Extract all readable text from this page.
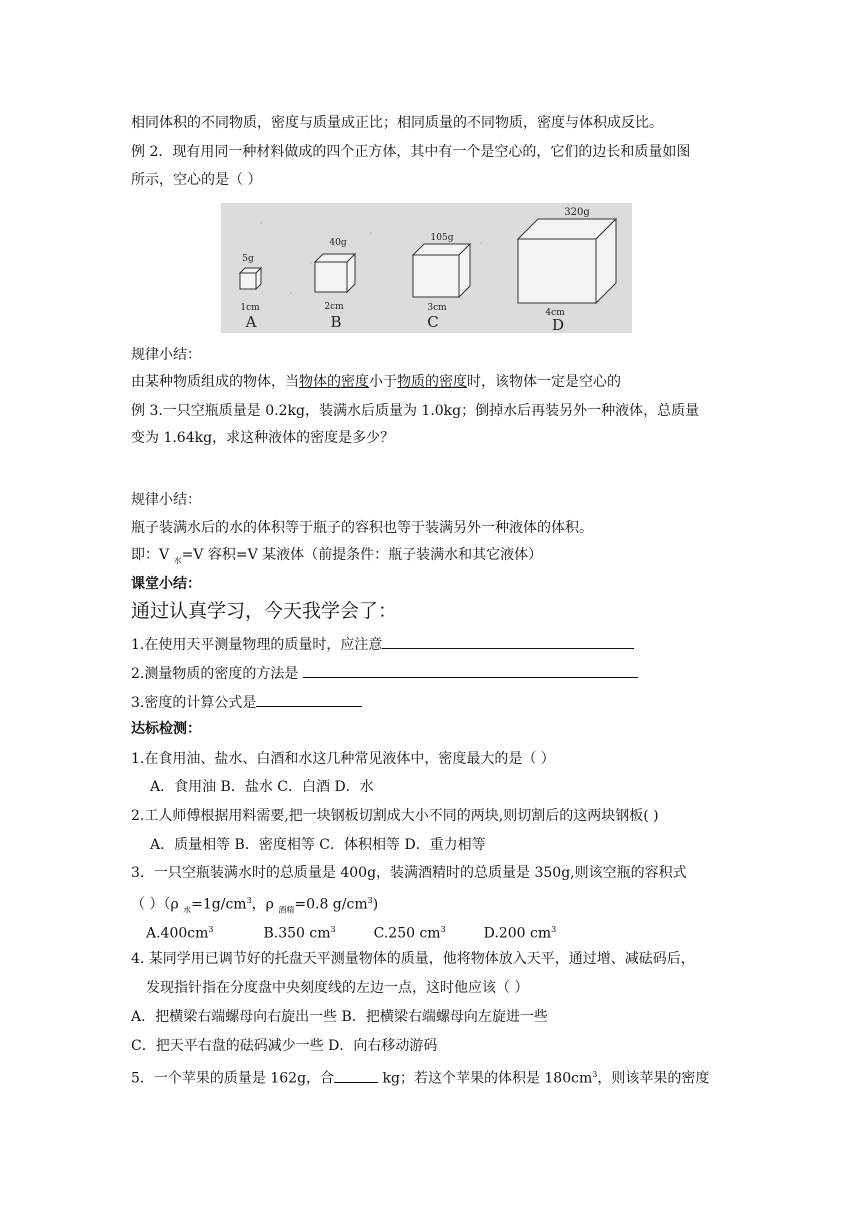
相同体积的不同物质，密度与质量成正比；相同质量的不同物质，密度与体积成反比。
例 2．现有用同一种材料做成的四个正方体，其中有一个是空心的，它们的边长和质量如图
所示，空心的是（ ）
5g
1cm
A
40g
2cm
B
105g
3cm
C
320g
4cm
D
规律小结：
由某种物质组成的物体，当物体的密度小于物质的密度时，该物体一定是空心的
例 3.一只空瓶质量是 0.2kg，装满水后质量为 1.0kg；倒掉水后再装另外一种液体，总质量
变为 1.64kg，求这种液体的密度是多少？
规律小结：
瓶子装满水后的水的体积等于瓶子的容积也等于装满另外一种液体的体积。
即：V $_水$=V 容积=V 某液体（前提条件：瓶子装满水和其它液体）
课堂小结：
通过认真学习，今天我学会了：
1.在使用天平测量物理的质量时，应注意
2.测量物质的密度的方法是
3.密度的计算公式是
达标检测：
1.在食用油、盐水、白酒和水这几种常见液体中，密度最大的是（ ）
A．食用油 B．盐水 C．白酒 D．水
2.工人师傅根据用料需要,把一块钢板切割成大小不同的两块,则切割后的这两块钢板( )
A．质量相等 B．密度相等 C．体积相等 D．重力相等
3．一只空瓶装满水时的总质量是 400g，装满酒精时的总质量是 350g,则该空瓶的容积式
（ ）（ρ $_水=1g/cm^3$，ρ $_{酒精}$=0.8 $g/cm^3$)
$A.400cm^3$	B.350 $cm^3$	C.250 $cm^3$	D.200 $cm^3$
4. 某同学用已调节好的托盘天平测量物体的质量，他将物体放入天平，通过增、减砝码后，
发现指针指在分度盘中央刻度线的左边一点，这时他应该（ ）
A．把横梁右端螺母向右旋出一些 B．把横梁右端螺母向左旋进一些
C．把天平右盘的砝码减少一些 D．向右移动游码
5．一个苹果的质量是 162g，合	kg；若这个苹果的体积是 $180cm^3$，则该苹果的密度
